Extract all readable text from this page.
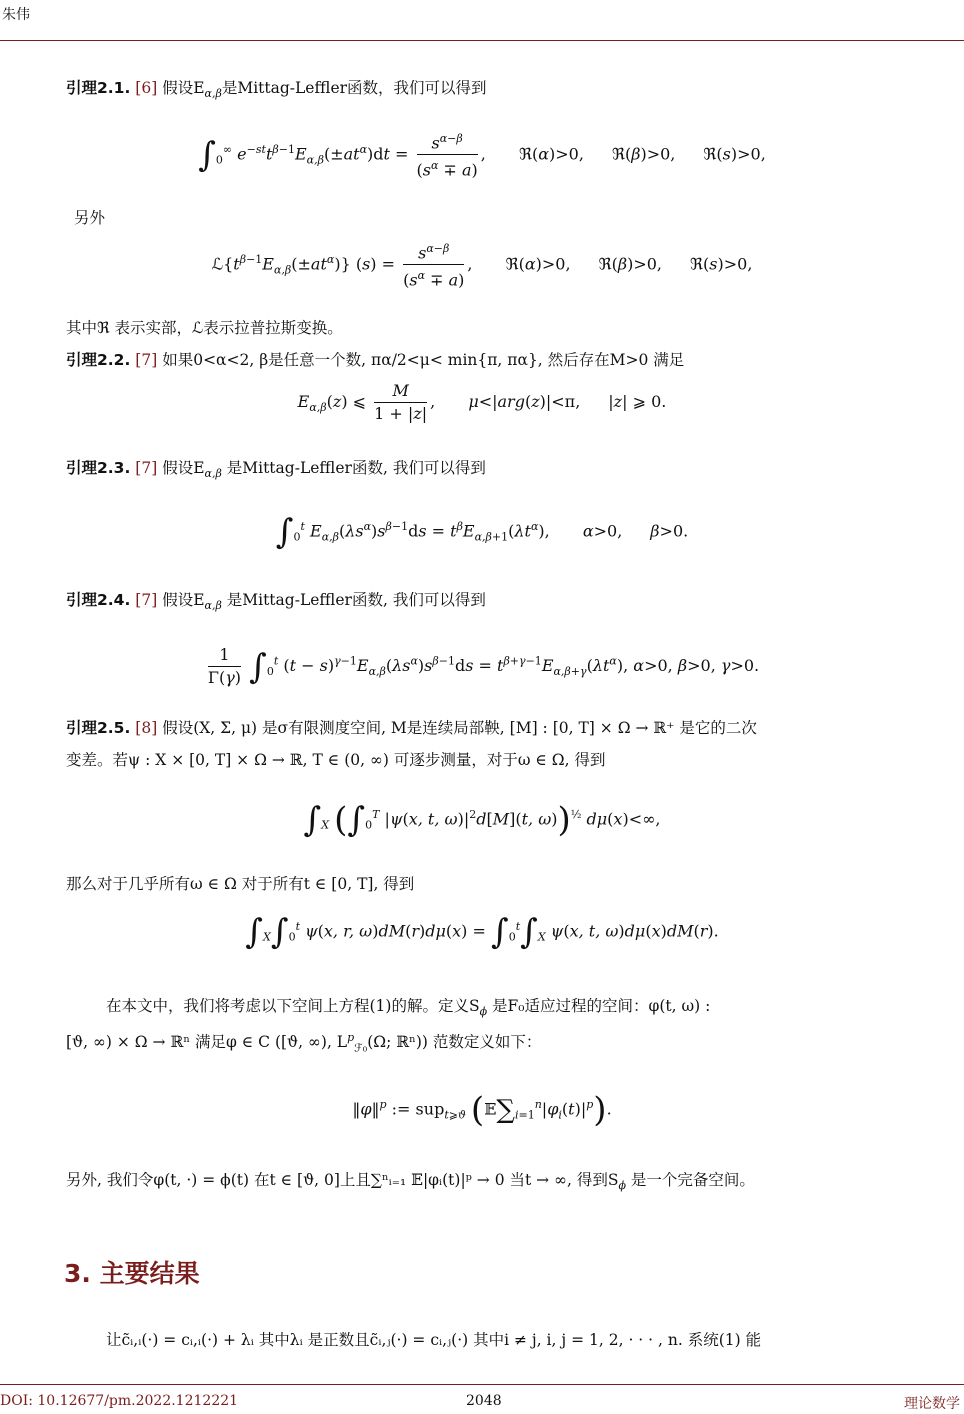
朱伟
引理2.1. [6] 假设$E_{\alpha,\beta}$是Mittag-Leffler函数，我们可以得到
$\int_0^\infty$ $e^{-st}t^{\beta-1}E_{\alpha,\beta}(\pm at^\alpha)dt = \frac{s^{\alpha-\beta}}{(s^\alpha \mp a)}$ , ℜ(α)>0, ℜ(β)>0, ℜ(s)>0,
另外
$ℒ\{t^{\beta-1}E_{\alpha,\beta}(\pm at^\alpha)\} (s) = \frac{s^{\alpha-\beta}}{(s^\alpha \mp a)}$ , ℜ(α)>0, ℜ(β)>0, ℜ(s)>0,
其中ℜ 表示实部，ℒ表示拉普拉斯变换。
引理2.2. [7] 如果0<α<2, β是任意一个数, πα/2<μ< min{π, πα}, 然后存在M>0 满足
$E_{\alpha,\beta}(z)$ ⩽ $\frac{M}{1 + |z|}$ , μ<|arg(z)|<π, |z| ⩾ 0.
引理2.3. [7] 假设$E_{\alpha,\beta}$ 是Mittag-Leffler函数, 我们可以得到
$\int_0^t$ $E_{\alpha,\beta}(\lambda s^\alpha)s^{\beta-1}ds = t^\beta E_{\alpha,\beta+1}(\lambda t^\alpha)$, α>0, β>0.
引理2.4. [7] 假设$E_{\alpha,\beta}$ 是Mittag-Leffler函数, 我们可以得到
$\frac{1}{\Gamma(\gamma)} \int_0^t$ $(t - s)^{\gamma-1}E_{\alpha,\beta}(\lambda s^\alpha)s^{\beta-1}ds = t^{\beta+\gamma-1}E_{\alpha,\beta+\gamma}(\lambda t^\alpha)$, α>0, β>0, γ>0.
引理2.5. [8] 假设(X, Σ, μ) 是σ有限测度空间, M是连续局部鞅, [M] : [0, T] × Ω → ℝ⁺ 是它的二次
变差。若ψ : X × [0, T] × Ω → ℝ, T ∈ (0, ∞) 可逐步测量，对于ω ∈ Ω, 得到
$\int_X$ ($\int_0^T$ |ψ(x, t, $\omega)|^2d[M](t$, ω))$^{\frac{1}{2}}$ dμ(x)<∞,
那么对于几乎所有ω ∈ Ω 对于所有t ∈ [0, T], 得到
$\int_X\int_0^t$ ψ(x, r, $\omega)dM(r)d\mu(x) = \int_0^t\int_X$ ψ(x, t, ω)dμ(x)dM(r).
在本文中，我们将考虑以下空间上方程(1)的解。定义$S_\phi$ 是F₀适应过程的空间：φ(t, ω) :
[ϑ, ∞) × Ω → ℝⁿ 满足φ ∈ C ([ϑ, ∞), $L^p_{ℱ_0}(\Omega$; ℝⁿ)) 范数定义如下：
‖φ‖$^p$ := sup$_{t⩾ϑ}$ $(𝔼\sum_{i=1}^n|\varphi_i(t)|^p)$.
另外, 我们令φ(t, ·) = ϕ(t) 在t ∈ [ϑ, 0]上且∑ⁿᵢ₌₁ 𝔼|φᵢ(t)|ᵖ → 0 当t → ∞, 得到$S_\phi$ 是一个完备空间。
3. 主要结果
让c̃ᵢ,ᵢ(·) = cᵢ,ᵢ(·) + λᵢ 其中λᵢ 是正数且c̃ᵢ,ⱼ(·) = cᵢ,ⱼ(·) 其中i ≠ j, i, j = 1, 2, · · · , n. 系统(1) 能
DOI: 10.12677/pm.2022.1212221	2048	理论数学
